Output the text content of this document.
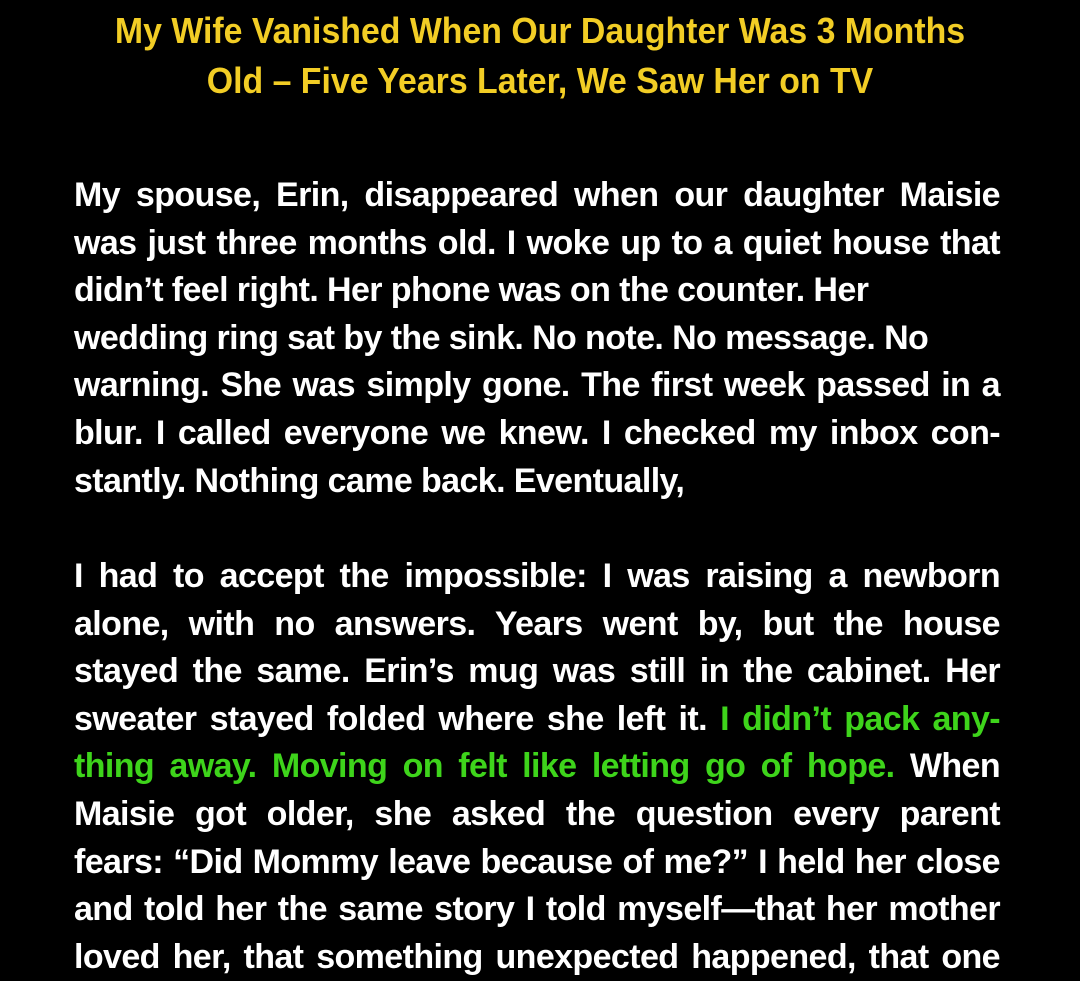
My Wife Vanished When Our Daughter Was 3 Months
Old – Five Years Later, We Saw Her on TV

My spouse, Erin, disappeared when our daughter Maisie
was just three months old. I woke up to a quiet house that
didn’t feel right. Her phone was on the counter. Her
wedding ring sat by the sink. No note. No message. No
warning. She was simply gone. The first week passed in a
blur. I called everyone we knew. I checked my inbox con-
stantly. Nothing came back. Eventually,

I had to accept the impossible: I was raising a newborn
alone, with no answers. Years went by, but the house
stayed the same. Erin’s mug was still in the cabinet. Her
sweater stayed folded where she left it. I didn’t pack any-
thing away. Moving on felt like letting go of hope. When
Maisie got older, she asked the question every parent
fears: “Did Mommy leave because of me?” I held her close
and told her the same story I told myself—that her mother
loved her, that something unexpected happened, that one
